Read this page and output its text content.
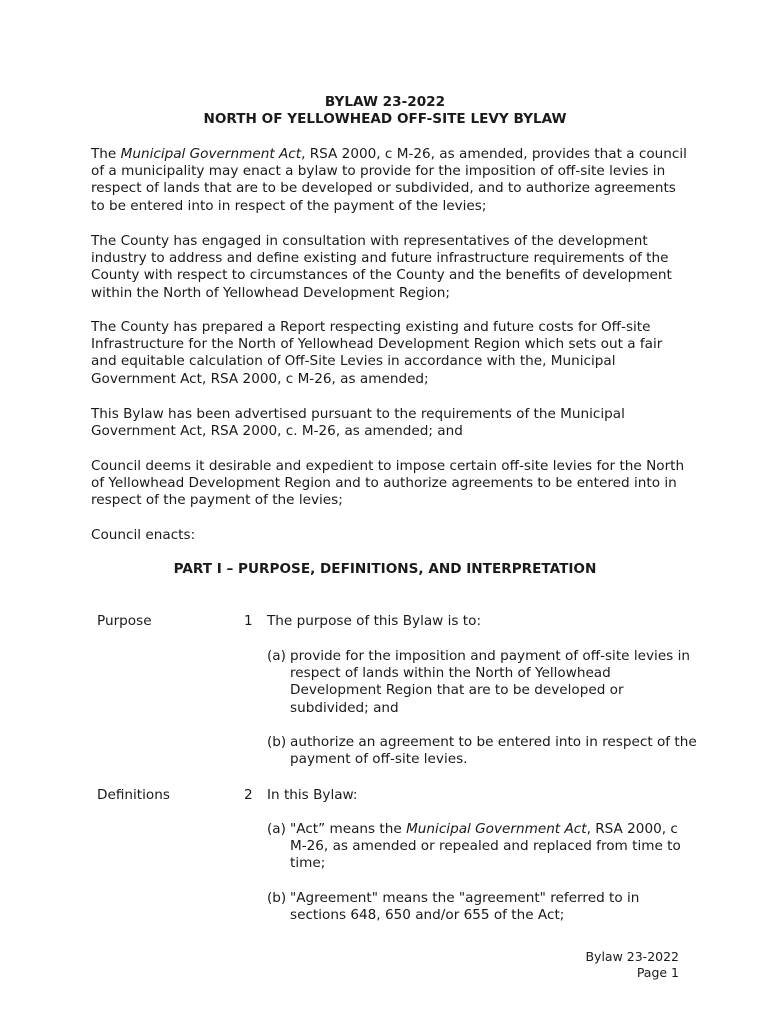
BYLAW 23-2022
NORTH OF YELLOWHEAD OFF-SITE LEVY BYLAW

The Municipal Government Act, RSA 2000, c M-26, as amended, provides that a council of a municipality may enact a bylaw to provide for the imposition of off-site levies in respect of lands that are to be developed or subdivided, and to authorize agreements to be entered into in respect of the payment of the levies;

The County has engaged in consultation with representatives of the development industry to address and define existing and future infrastructure requirements of the County with respect to circumstances of the County and the benefits of development within the North of Yellowhead Development Region;

The County has prepared a Report respecting existing and future costs for Off-site Infrastructure for the North of Yellowhead Development Region which sets out a fair and equitable calculation of Off-Site Levies in accordance with the, Municipal Government Act, RSA 2000, c M-26, as amended;

This Bylaw has been advertised pursuant to the requirements of the Municipal Government Act, RSA 2000, c. M-26, as amended; and

Council deems it desirable and expedient to impose certain off-site levies for the North of Yellowhead Development Region and to authorize agreements to be entered into in respect of the payment of the levies;

Council enacts:

PART I – PURPOSE, DEFINITIONS, AND INTERPRETATION
Purpose	1 The purpose of this Bylaw is to:

(a) provide for the imposition and payment of off-site levies in respect of lands within the North of Yellowhead Development Region that are to be developed or subdivided; and
(b) authorize an agreement to be entered into in respect of the payment of off-site levies.
Definitions	2 In this Bylaw:

(a) "Act” means the Municipal Government Act, RSA 2000, c M-26, as amended or repealed and replaced from time to time;
(b) "Agreement" means the "agreement" referred to in sections 648, 650 and/or 655 of the Act;
Bylaw 23-2022
Page 1
